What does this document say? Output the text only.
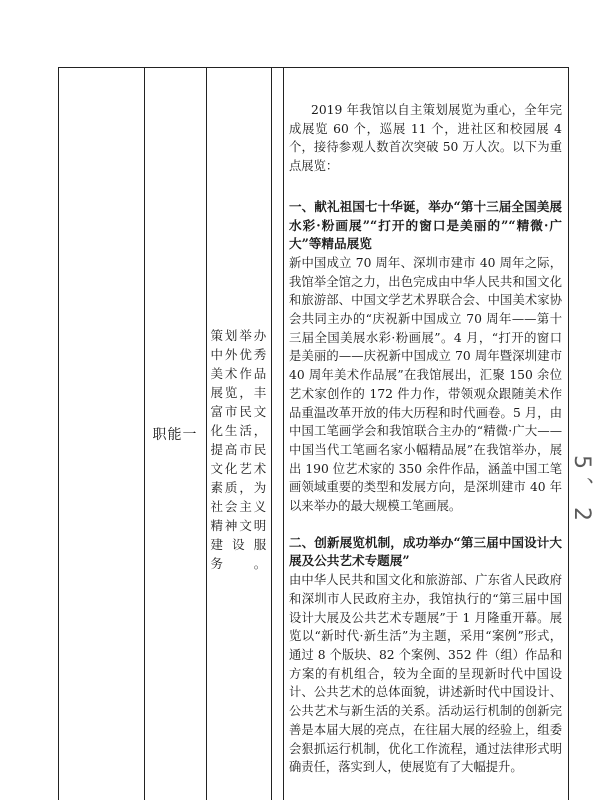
职能一
策划举办中外优秀美术作品展览，丰富市民文化生活，提高市民文化艺术素质，为社会主义精神文明建设服务。

2019 年我馆以自主策划展览为重心，全年完成展览 60 个，巡展 11 个，进社区和校园展 4 个，接待参观人数首次突破 50 万人次。以下为重点展览：

一、献礼祖国七十华诞，举办“第十三届全国美展水彩·粉画展”“打开的窗口是美丽的”“精微·广大”等精品展览

新中国成立 70 周年、深圳市建市 40 周年之际，我馆举全馆之力，出色完成由中华人民共和国文化和旅游部、中国文学艺术界联合会、中国美术家协会共同主办的“庆祝新中国成立 70 周年——第十三届全国美展水彩·粉画展”。4 月，“打开的窗口是美丽的——庆祝新中国成立 70 周年暨深圳建市 40 周年美术作品展”在我馆展出，汇聚 150 余位艺术家创作的 172 件力作，带领观众跟随美术作品重温改革开放的伟大历程和时代画卷。5 月，由中国工笔画学会和我馆联合主办的“精微·广大——中国当代工笔画名家小幅精品展”在我馆举办，展出 190 位艺术家的 350 余件作品，涵盖中国工笔画领域重要的类型和发展方向，是深圳建市 40 年以来举办的最大规模工笔画展。

二、创新展览机制，成功举办“第三届中国设计大展及公共艺术专题展”

由中华人民共和国文化和旅游部、广东省人民政府和深圳市人民政府主办，我馆执行的“第三届中国设计大展及公共艺术专题展”于 1 月隆重开幕。展览以“新时代·新生活”为主题，采用“案例”形式，通过 8 个版块、82 个案例、352 件（组）作品和方案的有机组合，较为全面的呈现新时代中国设计、公共艺术的总体面貌，讲述新时代中国设计、公共艺术与新生活的关系。活动运行机制的创新完善是本届大展的亮点，在往届大展的经验上，组委会狠抓运行机制，优化工作流程，通过法律形式明确责任，落实到人，使展览有了大幅提升。

5、2
